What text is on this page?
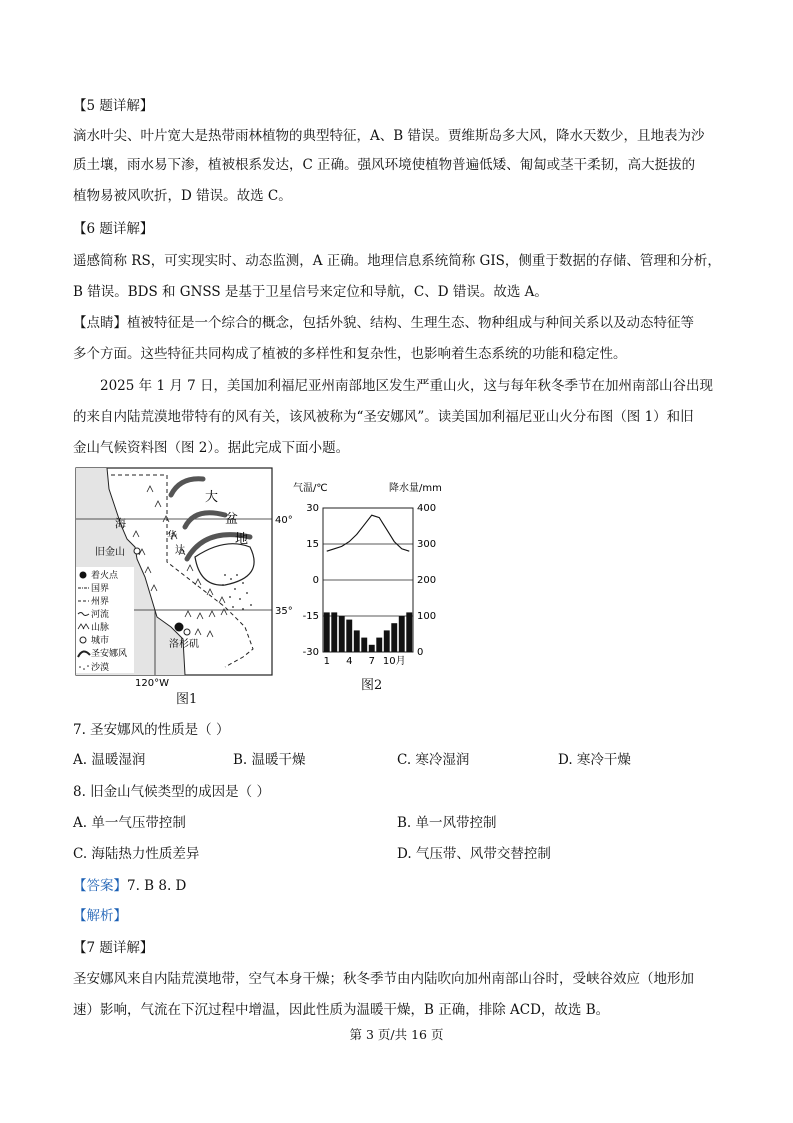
【5 题详解】
滴水叶尖、叶片宽大是热带雨林植物的典型特征，A、B 错误。贾维斯岛多大风，降水天数少，且地表为沙
质土壤，雨水易下渗，植被根系发达，C 正确。强风环境使植物普遍低矮、匍匐或茎干柔韧，高大挺拔的
植物易被风吹折，D 错误。故选 C。
【6 题详解】
遥感简称 RS，可实现实时、动态监测，A 正确。地理信息系统简称 GIS，侧重于数据的存储、管理和分析，
B 错误。BDS 和 GNSS 是基于卫星信号来定位和导航，C、D 错误。故选 A。
【点睛】植被特征是一个综合的概念，包括外貌、结构、生理生态、物种组成与种间关系以及动态特征等
多个方面。这些特征共同构成了植被的多样性和复杂性，也影响着生态系统的功能和稳定性。
2025 年 1 月 7 日，美国加利福尼亚州南部地区发生严重山火，这与每年秋冬季节在加州南部山谷出现
的来自内陆荒漠地带特有的风有关，该风被称为“圣安娜风”。读美国加利福尼亚山火分布图（图 1）和旧
金山气候资料图（图 2）。据此完成下面小题。
40°
35°
120°W
大
盆
地
海
华
达
旧金山
洛杉矶
着火点
国界
州界
河流
山脉
城市
圣安娜风
沙漠
图1
气温/℃	降水量/mm
30
15
0
-15
-30
400
300
200
100
0
1 4 7 10月
图2
7. 圣安娜风的性质是（ ）
A. 温暖湿润	B. 温暖干燥	C. 寒冷湿润	D. 寒冷干燥
8. 旧金山气候类型的成因是（ ）
A. 单一气压带控制	B. 单一风带控制
C. 海陆热力性质差异	D. 气压带、风带交替控制
【答案】7. B 8. D
【解析】
【7 题详解】
圣安娜风来自内陆荒漠地带，空气本身干燥；秋冬季节由内陆吹向加州南部山谷时，受峡谷效应（地形加
速）影响，气流在下沉过程中增温，因此性质为温暖干燥，B 正确，排除 ACD，故选 B。
第 3 页/共 16 页
